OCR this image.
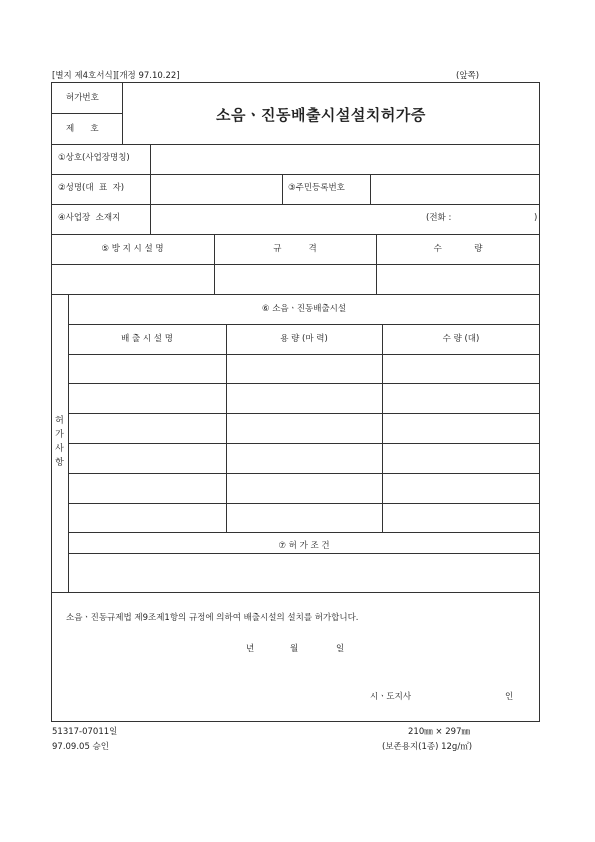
[별지 제4호서식][개정 97.10.22]	(앞쪽)
허가번호
제      호
소음ㆍ진동배출시설설치허가증
①상호(사업장명칭)
②성명(대  표  자)	③주민등록번호
④사업장  소재지	(전화 :	)
⑤ 방 지 시 설 명	규          격	수            량
허
가
사
항
⑥ 소음ㆍ진동배출시설
배 출 시 설 명	용 량 (마 력)	수 량 (대)
⑦ 허 가 조 건
소음ㆍ진동규제법 제9조제1항의 규정에 의하여 배출시설의 설치를 허가합니다.
년	월	일
시ㆍ도지사	인
51317-07011일	210㎜ × 297㎜
97.09.05 승인	(보존용지(1종) 12g/㎡)
